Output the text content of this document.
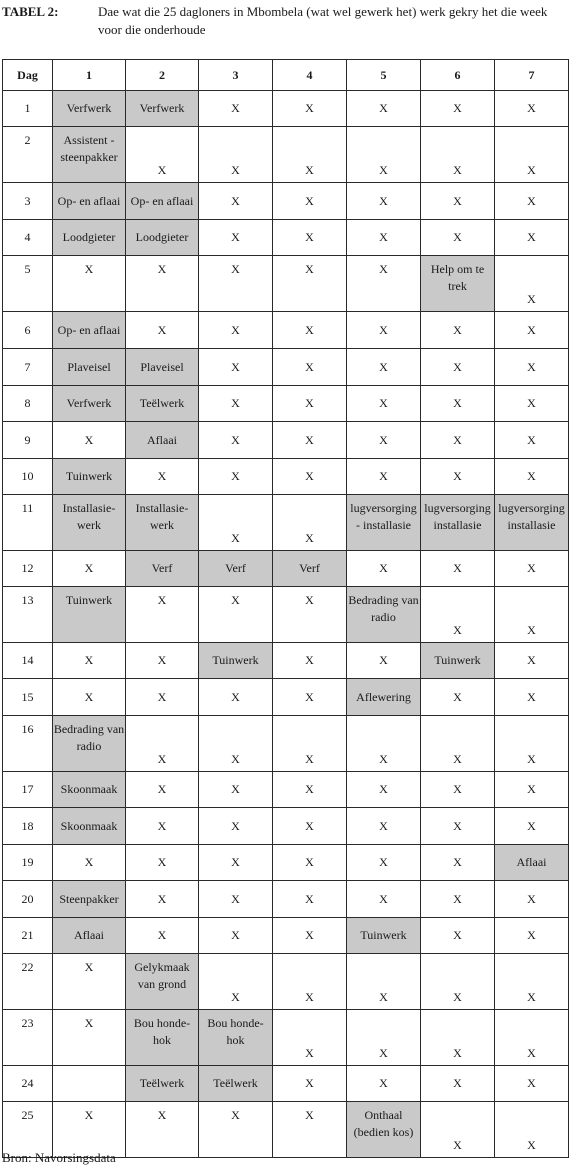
TABEL 2:	Dae wat die 25 dagloners in Mbombela (wat wel gewerk het) werk gekry het die week voor die onderhoude
Dag	1	2	3	4	5	6	7
1	Verfwerk	Verfwerk	X	X	X	X	X
2	Assistent -steenpakker	X	X	X	X	X	X
3	Op- en aflaai	Op- en aflaai	X	X	X	X	X
4	Loodgieter	Loodgieter	X	X	X	X	X
5	X	X	X	X	X	Help om te trek	X
6	Op- en aflaai	X	X	X	X	X	X
7	Plaveisel	Plaveisel	X	X	X	X	X
8	Verfwerk	Teëlwerk	X	X	X	X	X
9	X	Aflaai	X	X	X	X	X
10	Tuinwerk	X	X	X	X	X	X
11	Installasie-werk	Installasie-werk	X	X	lugversorging - installasie	lugversorging installasie	lugversorging installasie
12	X	Verf	Verf	Verf	X	X	X
13	Tuinwerk	X	X	X	Bedrading van radio	X	X
14	X	X	Tuinwerk	X	X	Tuinwerk	X
15	X	X	X	X	Aflewering	X	X
16	Bedrading van radio	X	X	X	X	X	X
17	Skoonmaak	X	X	X	X	X	X
18	Skoonmaak	X	X	X	X	X	X
19	X	X	X	X	X	X	Aflaai
20	Steenpakker	X	X	X	X	X	X
21	Aflaai	X	X	X	Tuinwerk	X	X
22	X	Gelykmaak van grond	X	X	X	X	X
23	X	Bou honde-hok	Bou honde-hok	X	X	X	X
24		Teëlwerk	Teëlwerk	X	X	X	X
25	X	X	X	X	Onthaal (bedien kos)	X	X
Bron: Navorsingsdata
